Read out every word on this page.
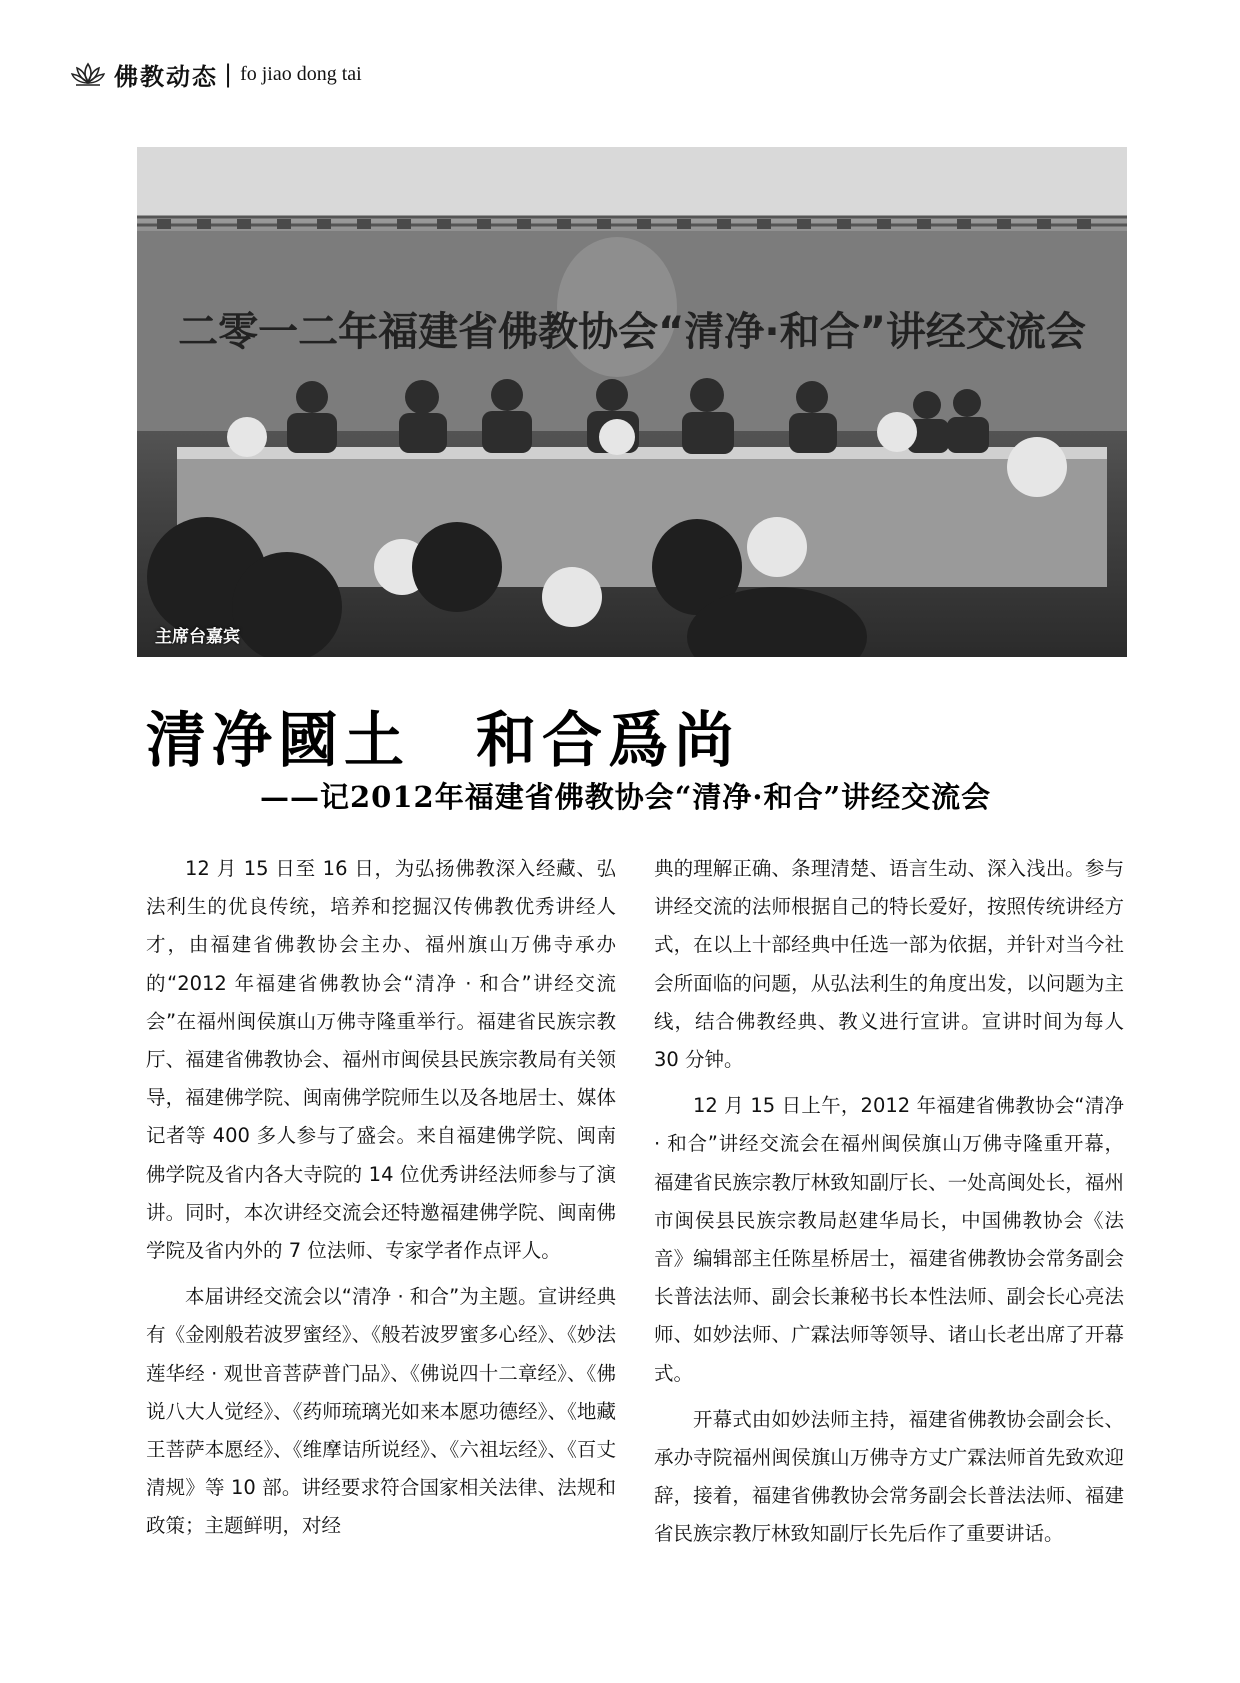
佛教动态 | fo jiao dong tai
二零一二年福建省佛教协会“清净·和合”讲经交流会
主席台嘉宾
清净國土　和合爲尚
——记2012年福建省佛教协会“清净·和合”讲经交流会

12 月 15 日至 16 日，为弘扬佛教深入经藏、弘法利生的优良传统，培养和挖掘汉传佛教优秀讲经人才，由福建省佛教协会主办、福州旗山万佛寺承办的“2012 年福建省佛教协会“清净 · 和合”讲经交流会”在福州闽侯旗山万佛寺隆重举行。福建省民族宗教厅、福建省佛教协会、福州市闽侯县民族宗教局有关领导，福建佛学院、闽南佛学院师生以及各地居士、媒体记者等 400 多人参与了盛会。来自福建佛学院、闽南佛学院及省内各大寺院的 14 位优秀讲经法师参与了演讲。同时，本次讲经交流会还特邀福建佛学院、闽南佛学院及省内外的 7 位法师、专家学者作点评人。

本届讲经交流会以“清净 · 和合”为主题。宣讲经典有《金刚般若波罗蜜经》、《般若波罗蜜多心经》、《妙法莲华经 · 观世音菩萨普门品》、《佛说四十二章经》、《佛说八大人觉经》、《药师琉璃光如来本愿功德经》、《地藏王菩萨本愿经》、《维摩诘所说经》、《六祖坛经》、《百丈清规》等 10 部。讲经要求符合国家相关法律、法规和政策；主题鲜明，对经

典的理解正确、条理清楚、语言生动、深入浅出。参与讲经交流的法师根据自己的特长爱好，按照传统讲经方式，在以上十部经典中任选一部为依据，并针对当今社会所面临的问题，从弘法利生的角度出发，以问题为主线，结合佛教经典、教义进行宣讲。宣讲时间为每人 30 分钟。

12 月 15 日上午，2012 年福建省佛教协会“清净 · 和合”讲经交流会在福州闽侯旗山万佛寺隆重开幕，福建省民族宗教厅林致知副厅长、一处高闽处长，福州市闽侯县民族宗教局赵建华局长，中国佛教协会《法音》编辑部主任陈星桥居士，福建省佛教协会常务副会长普法法师、副会长兼秘书长本性法师、副会长心亮法师、如妙法师、广霖法师等领导、诸山长老出席了开幕式。

开幕式由如妙法师主持，福建省佛教协会副会长、承办寺院福州闽侯旗山万佛寺方丈广霖法师首先致欢迎辞，接着，福建省佛教协会常务副会长普法法师、福建省民族宗教厅林致知副厅长先后作了重要讲话。
